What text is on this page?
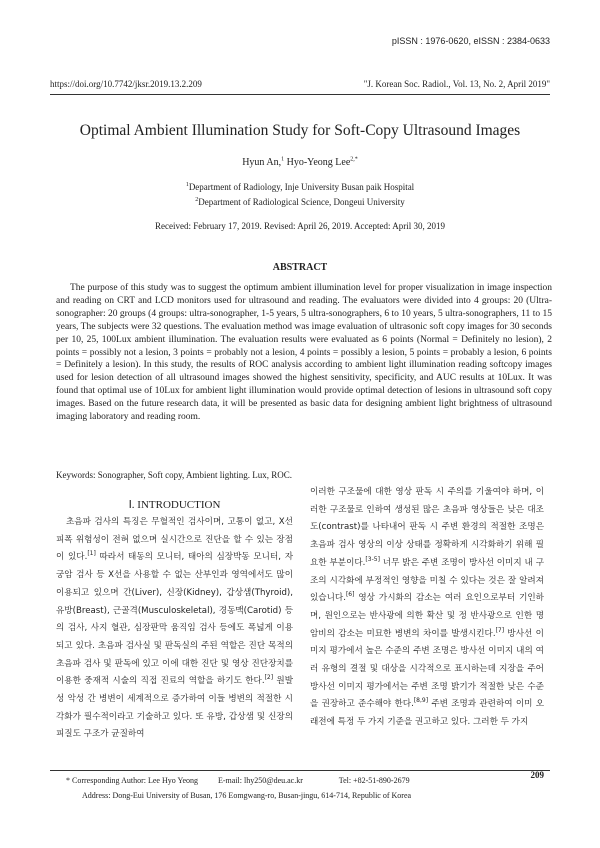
pISSN : 1976-0620, eISSN : 2384-0633
https://doi.org/10.7742/jksr.2019.13.2.209	"J. Korean Soc. Radiol., Vol. 13, No. 2, April 2019"
Optimal Ambient Illumination Study for Soft-Copy Ultrasound Images
Hyun An,$^1$ Hyo-Yeong Lee$^{2,*}$
$^1$Department of Radiology, Inje University Busan paik Hospital
$^2$Department of Radiological Science, Dongeui University
Received: February 17, 2019. Revised: April 26, 2019. Accepted: April 30, 2019
ABSTRACT
The purpose of this study was to suggest the optimum ambient illumination level for proper visualization in image inspection and reading on CRT and LCD monitors used for ultrasound and reading. The evaluators were divided into 4 groups: 20 (Ultra-sonographer: 20 groups (4 groups: ultra-sonographer, 1-5 years, 5 ultra-sonographers, 6 to 10 years, 5 ultra-sonographers, 11 to 15 years, The subjects were 32 questions. The evaluation method was image evaluation of ultrasonic soft copy images for 30 seconds per 10, 25, 100Lux ambient illumination. The evaluation results were evaluated as 6 points (Normal = Definitely no lesion), 2 points = possibly not a lesion, 3 points = probably not a lesion, 4 points = possibly a lesion, 5 points = probably a lesion, 6 points = Definitely a lesion). In this study, the results of ROC analysis according to ambient light illumination reading softcopy images used for lesion detection of all ultrasound images showed the highest sensitivity, specificity, and AUC results at 10Lux. It was found that optimal use of 10Lux for ambient light illumination would provide optimal detection of lesions in ultrasound soft copy images. Based on the future research data, it will be presented as basic data for designing ambient light brightness of ultrasound imaging laboratory and reading room.
Keywords: Sonographer, Soft copy, Ambient lighting. Lux, ROC.
Ⅰ. INTRODUCTION
초음파 검사의 특징은 무혈적인 검사이며, 고통이 없고, X선 피폭 위험성이 전혀 없으며 실시간으로 진단을 할 수 있는 장점이 있다.[1] 따라서 태동의 모니터, 태아의 심장박동 모니터, 자궁암 검사 등 X선을 사용할 수 없는 산부인과 영역에서도 많이 이용되고 있으며 간(Liver), 신장(Kidney), 갑상샘(Thyroid), 유방(Breast), 근골격(Musculoskeletal), 경동맥(Carotid) 등의 검사, 사지 혈관, 심장판막 움직임 검사 등에도 폭넓게 이용되고 있다. 초음파 검사실 및 판독실의 주된 역할은 진단 목적의 초음파 검사 및 판독에 있고 이에 대한 진단 및 영상 진단장치를 이용한 중재적 시술의 직접 진료의 역할을 하기도 한다.[2] 원발성 악성 간 병변이 세계적으로 증가하여 이들 병변의 적절한 시각화가 필수적이라고 기술하고 있다. 또 유방, 갑상샘 및 신장의 피질도 구조가 균질하여
이러한 구조물에 대한 영상 판독 시 주의를 기울여야 하며, 이러한 구조물로 인하여 생성된 많은 초음파 영상들은 낮은 대조도(contrast)를 나타내어 판독 시 주변 환경의 적절한 조명은 초음파 검사 영상의 이상 상태를 정확하게 시각화하기 위해 필요한 부분이다.[3-5] 너무 밝은 주변 조명이 방사선 이미지 내 구조의 시각화에 부정적인 영향을 미칠 수 있다는 것은 잘 알려져 있습니다.[6] 영상 가시화의 감소는 여러 요인으로부터 기인하며, 원인으로는 반사광에 의한 확산 및 정 반사광으로 인한 명암비의 감소는 미묘한 병변의 차이를 발생시킨다.[7] 방사선 이미지 평가에서 높은 수준의 주변 조명은 방사선 이미지 내의 여러 유형의 결절 및 대상을 시각적으로 표시하는데 지장을 주어 방사선 이미지 평가에서는 주변 조명 밝기가 적절한 낮은 수준을 권장하고 준수해야 한다.[8,9] 주변 조명과 관련하여 이미 오래전에 특정 두 가지 기준을 권고하고 있다. 그러한 두 가지
* Corresponding Author: Lee Hyo Yeong          E-mail: lhy250@deu.ac.kr                  Tel: +82-51-890-2679
Address: Dong-Eui University of Busan, 176 Eomgwang-ro, Busan-jingu, 614-714, Republic of Korea
209
